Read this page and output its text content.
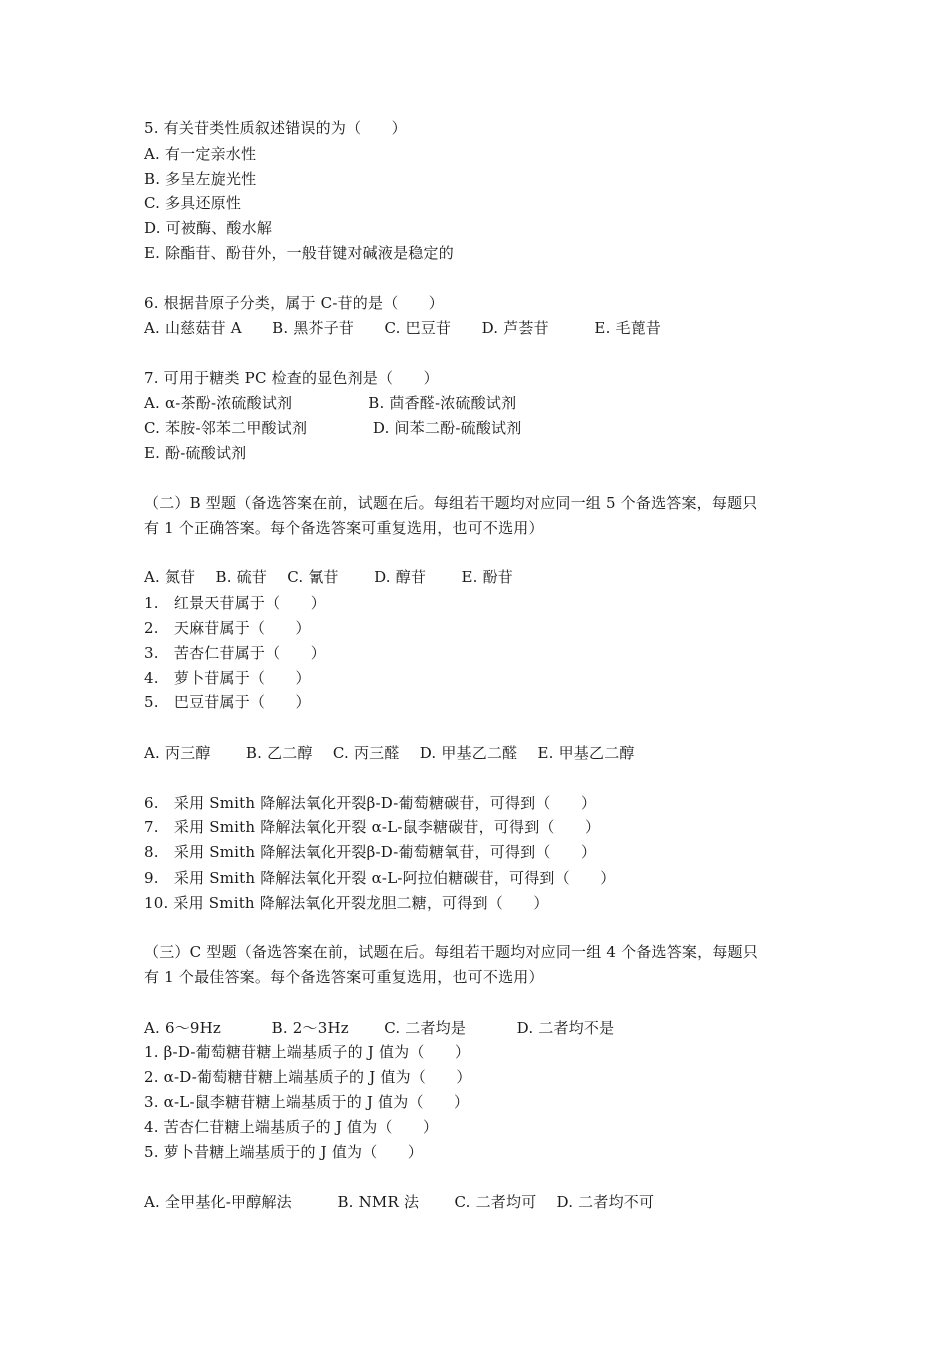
5. 有关苷类性质叙述错误的为（　　）
A. 有一定亲水性
B. 多呈左旋光性
C. 多具还原性
D. 可被酶、酸水解
E. 除酯苷、酚苷外，一般苷键对碱液是稳定的
6. 根据昔原子分类，属于 C-苷的是（　　）
A. 山慈菇苷 A　　B. 黑芥子苷　　C. 巴豆苷　　D. 芦荟苷　　　E. 毛蓖昔
7. 可用于糖类 PC 检查的显色剂是（　　）
A. α-茶酚-浓硫酸试剂　　　　　B. 茴香醛-浓硫酸试剂
C. 苯胺-邻苯二甲酸试剂　　　　 D. 间苯二酚-硫酸试剂
E. 酚-硫酸试剂
（二）B 型题（备选答案在前，试题在后。每组若干题均对应同一组 5 个备选答案，每题只
有 1 个正确答案。每个备选答案可重复选用，也可不选用）
A. 氮苷　 B. 硫苷　 C. 氰苷　　 D. 醇苷　　 E. 酚苷
1.　红景天苷属于（　　）
2.　天麻苷属于（　　）
3.　苦杏仁苷属于（　　）
4.　萝卜苷属于（　　）
5.　巴豆苷属于（　　）
A. 丙三醇　　 B. 乙二醇　 C. 丙三醛　 D. 甲基乙二醛　 E. 甲基乙二醇
6.　采用 Smith 降解法氧化开裂β-D-葡萄糖碳苷，可得到（　　）
7.　采用 Smith 降解法氧化开裂 α-L-鼠李糖碳苷，可得到（　　）
8.　采用 Smith 降解法氧化开裂β-D-葡萄糖氧苷，可得到（　　）
9.　采用 Smith 降解法氧化开裂 α-L-阿拉伯糖碳苷，可得到（　　）
10. 采用 Smith 降解法氧化开裂龙胆二糖，可得到（　　）
（三）C 型题（备选答案在前，试题在后。每组若干题均对应同一组 4 个备选答案，每题只
有 1 个最佳答案。每个备选答案可重复选用，也可不选用）
A. 6～9Hz　　　 B. 2～3Hz　　 C. 二者均是　　　 D. 二者均不是
1. β-D-葡萄糖苷糖上端基质子的 J 值为（　　）
2. α-D-葡萄糖苷糖上端基质子的 J 值为（　　）
3. α-L-鼠李糖苷糖上端基质于的 J 值为（　　）
4. 苦杏仁苷糖上端基质子的 J 值为（　　）
5. 萝卜昔糖上端基质于的 J 值为（　　）
A. 全甲基化-甲醇解法　　　B. NMR 法　　 C. 二者均可　 D. 二者均不可
